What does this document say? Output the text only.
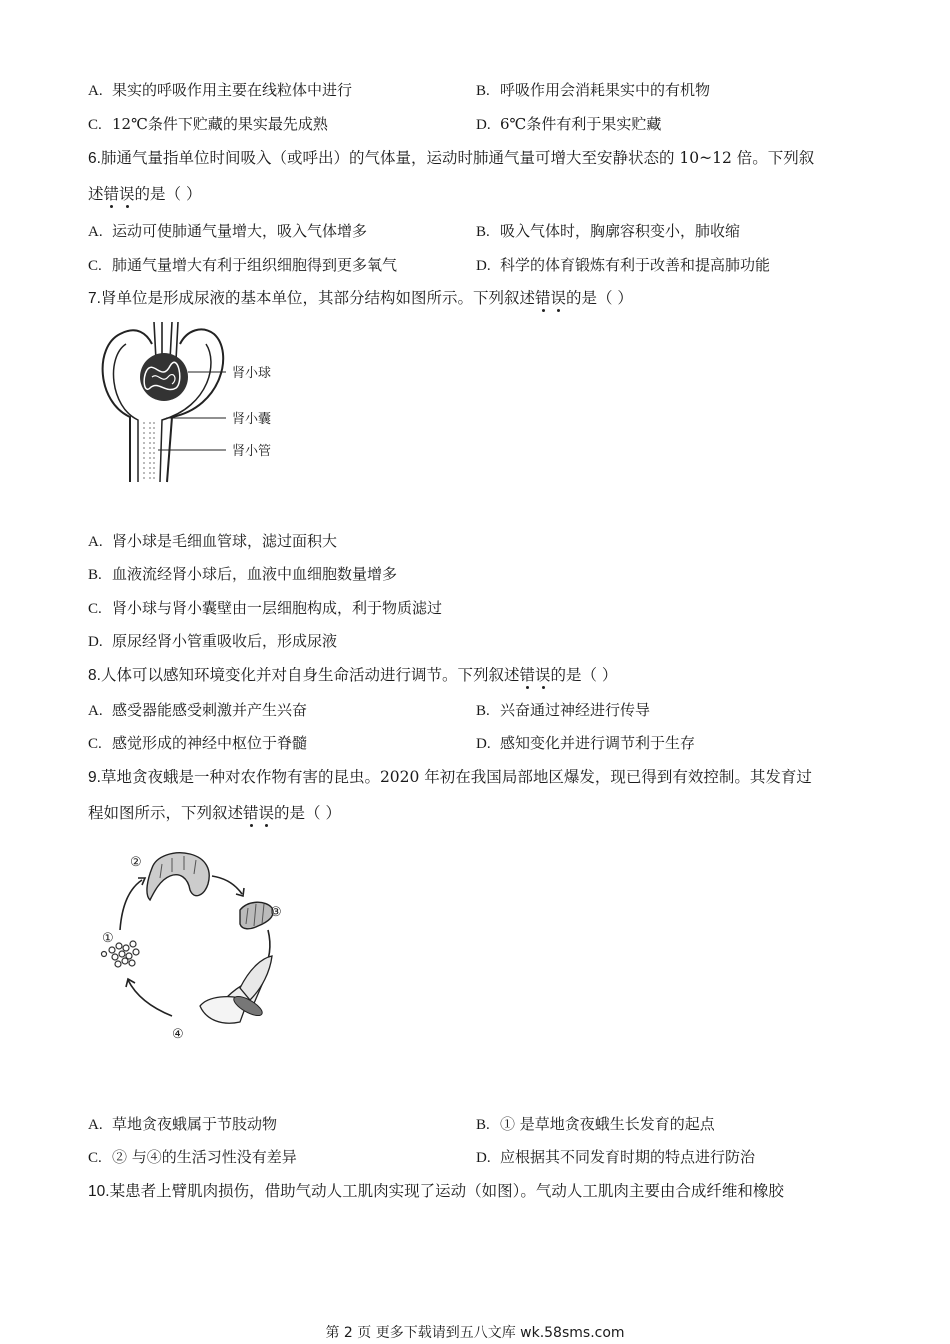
A. 果实的呼吸作用主要在线粒体中进行	B. 呼吸作用会消耗果实中的有机物
C. 12℃条件下贮藏的果实最先成熟	D. 6℃条件有利于果实贮藏
6.肺通气量指单位时间吸入（或呼出）的气体量，运动时肺通气量可增大至安静状态的 10~12 倍。下列叙
述错误的是（ ）
A. 运动可使肺通气量增大，吸入气体增多	B. 吸入气体时，胸廓容积变小，肺收缩
C. 肺通气量增大有利于组织细胞得到更多氧气	D. 科学的体育锻炼有利于改善和提高肺功能
7.肾单位是形成尿液的基本单位，其部分结构如图所示。下列叙述错误的是（ ）
肾小球
肾小囊
肾小管
A. 肾小球是毛细血管球，滤过面积大
B. 血液流经肾小球后，血液中血细胞数量增多
C. 肾小球与肾小囊壁由一层细胞构成，利于物质滤过
D. 原尿经肾小管重吸收后，形成尿液
8.人体可以感知环境变化并对自身生命活动进行调节。下列叙述错误的是（ ）
A. 感受器能感受刺激并产生兴奋	B. 兴奋通过神经进行传导
C. 感觉形成的神经中枢位于脊髓	D. 感知变化并进行调节利于生存
9.草地贪夜蛾是一种对农作物有害的昆虫。2020 年初在我国局部地区爆发，现已得到有效控制。其发育过
程如图所示，下列叙述错误的是（ ）
①
②
③
④
A. 草地贪夜蛾属于节肢动物	B. ① 是草地贪夜蛾生长发育的起点
C. ② 与④的生活习性没有差异	D. 应根据其不同发育时期的特点进行防治
10.某患者上臂肌肉损伤，借助气动人工肌肉实现了运动（如图）。气动人工肌肉主要由合成纤维和橡胶
第 2 页 更多下载请到五八文库 wk.58sms.com
